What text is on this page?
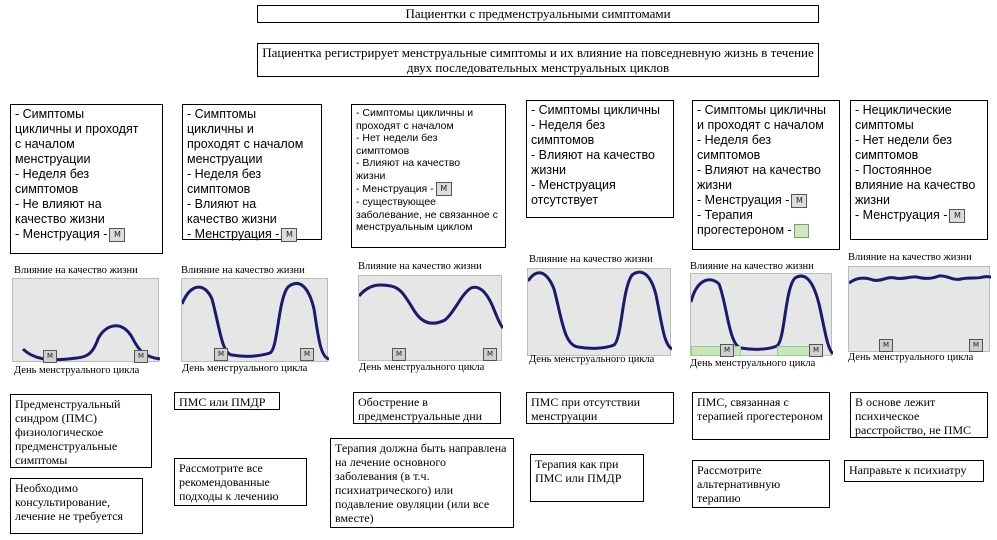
Пациентки с предменструальными симптомами
Пациентка регистрирует менструальные симптомы и их влияние на повседневную жизнь в течение двух последовательных менструальных циклов
- Симптомы
цикличны и проходят
с началом
менструации
- Неделя без
симптомов
- Не влияют на
качество жизни
- Менструация - M
- Симптомы
цикличны и
проходят с началом
менструации
- Неделя без
симптомов
- Влияют на
качество жизни
- Менструация - M
- Симптомы цикличны и
проходят с началом
- Нет недели без
симптомов
- Влияют на качество
жизни
- Менструация - M
- существующее
заболевание, не связанное с
менструальным циклом
- Симптомы цикличны
- Неделя без
симптомов
- Влияют на качество
жизни
- Менструация
отсутствует
- Симптомы цикличны
и проходят с началом
- Неделя без
симптомов
- Влияют на качество
жизни
- Менструация - M
- Терапия
прогестероном -
- Нециклические
симптомы
- Нет недели без
симптомов
- Постоянное
влияние на качество
жизни
- Менструация - M
Влияние на качество жизни	Влияние на качество жизни	Влияние на качество жизни
Влияние на качество жизни
Влияние на качество жизни
Влияние на качество жизни
M	M	M	M	M	M	M	M
M	M
День менструального цикла	День менструального цикла	День менструального цикла
День менструального цикла	День менструального цикла
День менструального цикла
Предменструальный синдром (ПМС) физиологическое предменструальные симптомы
ПМС или ПМДР	Обострение в предменструальные дни
ПМС при отсутствии менструации
ПМС, связанная с терапией прогестероном
В основе лежит психическое расстройство, не ПМС
Необходимо консультирование, лечение не требуется
Рассмотрите все рекомендованные подходы к лечению
Терапия должна быть направлена на лечение основного заболевания (в т.ч. психиатрического) или подавление овуляции (или все вместе)
Терапия как при ПМС или ПМДР
Рассмотрите альтернативную терапию
Направьте к психиатру
